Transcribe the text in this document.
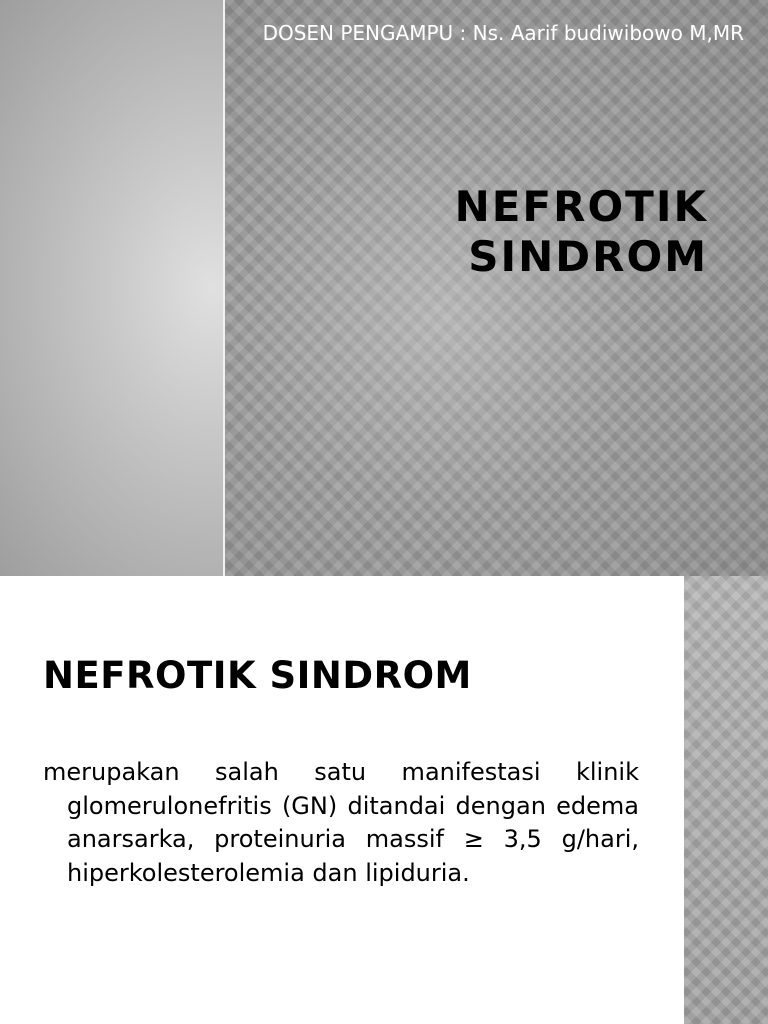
DOSEN PENGAMPU : Ns. Aarif budiwibowo M,MR
NEFROTIK
SINDROM
NEFROTIK SINDROM
merupakan salah satu manifestasi klinik glomerulonefritis (GN) ditandai dengan edema anarsarka, proteinuria massif ≥ 3,5 g/hari, hiperkolesterolemia dan lipiduria.
